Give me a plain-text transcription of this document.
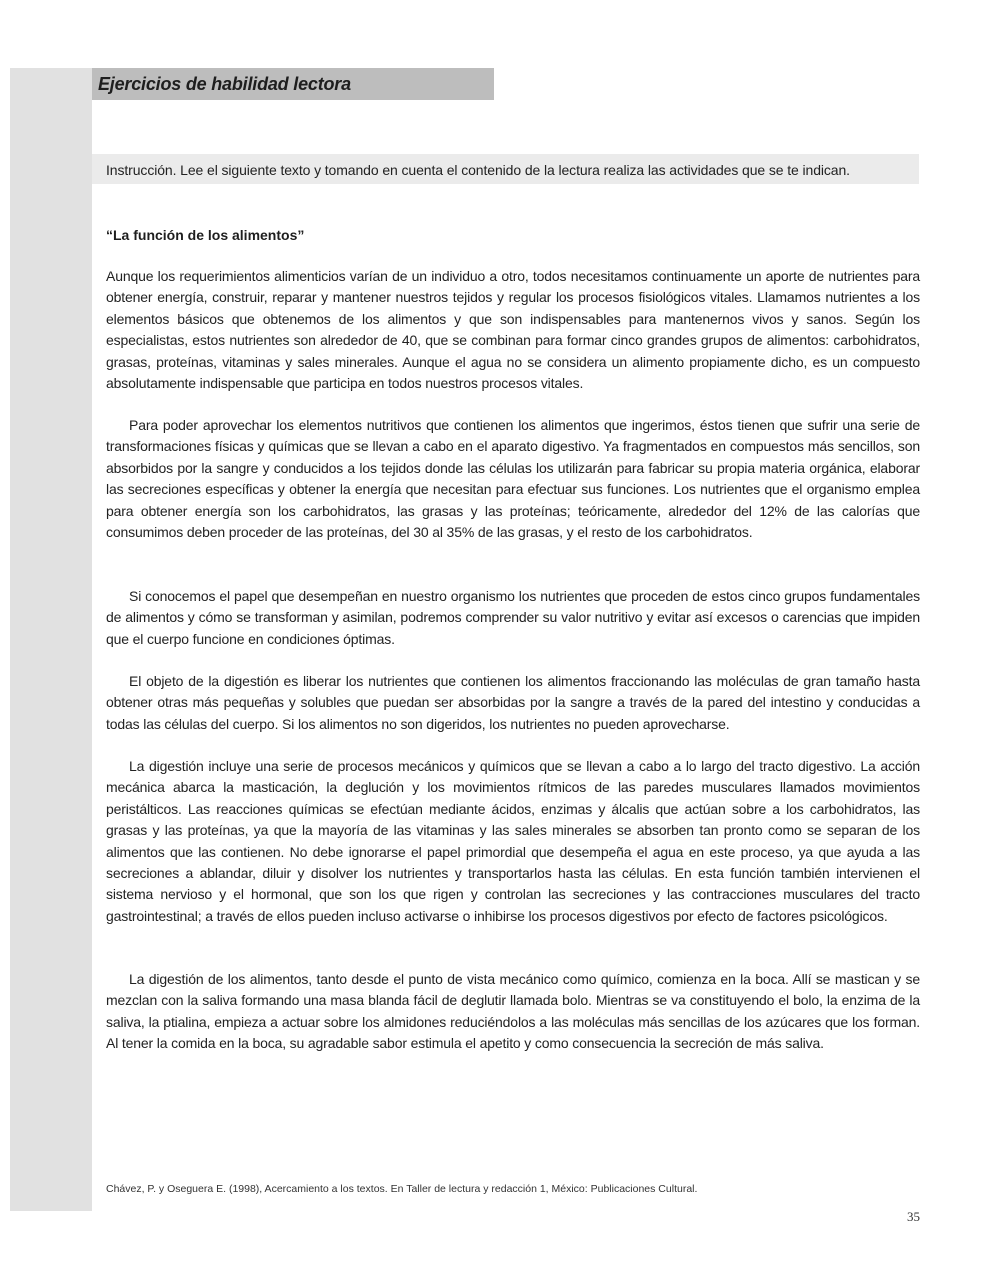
Ejercicios de habilidad lectora
Instrucción. Lee el siguiente texto y tomando en cuenta el contenido de la lectura realiza las actividades que se te indican.
“La función de los alimentos”

Aunque los requerimientos alimenticios varían de un individuo a otro, todos necesitamos continuamente un aporte de nutrientes para obtener energía, construir, reparar y mantener nuestros tejidos y regular los procesos fisiológicos vitales. Llamamos nutrientes a los elementos básicos que obtenemos de los alimentos y que son indispensables para mantenernos vivos y sanos. Según los especialistas, estos nutrientes son alrededor de 40, que se combinan para formar cinco grandes grupos de alimentos: carbohidratos, grasas, proteínas, vitaminas y sales minerales. Aunque el agua no se considera un alimento propiamente dicho, es un compuesto absolutamente indispensable que participa en todos nuestros procesos vitales.

Para poder aprovechar los elementos nutritivos que contienen los alimentos que ingerimos, éstos tienen que sufrir una serie de transformaciones físicas y químicas que se llevan a cabo en el aparato digestivo. Ya fragmentados en compuestos más sencillos, son absorbidos por la sangre y conducidos a los tejidos donde las células los utilizarán para fabricar su propia materia orgánica, elaborar las secreciones específicas y obtener la energía que necesitan para efectuar sus funciones. Los nutrientes que el organismo emplea para obtener energía son los carbohidratos, las grasas y las proteínas; teóricamente, alrededor del 12% de las calorías que consumimos deben proceder de las proteínas, del 30 al 35% de las grasas, y el resto de los carbohidratos.

Si conocemos el papel que desempeñan en nuestro organismo los nutrientes que proceden de estos cinco grupos fundamentales de alimentos y cómo se transforman y asimilan, podremos comprender su valor nutritivo y evitar así excesos o carencias que impiden que el cuerpo funcione en condiciones óptimas.

El objeto de la digestión es liberar los nutrientes que contienen los alimentos fraccionando las moléculas de gran tamaño hasta obtener otras más pequeñas y solubles que puedan ser absorbidas por la sangre a través de la pared del intestino y conducidas a todas las células del cuerpo. Si los alimentos no son digeridos, los nutrientes no pueden aprovecharse.

La digestión incluye una serie de procesos mecánicos y químicos que se llevan a cabo a lo largo del tracto digestivo. La acción mecánica abarca la masticación, la deglución y los movimientos rítmicos de las paredes musculares llamados movimientos peristálticos. Las reacciones químicas se efectúan mediante ácidos, enzimas y álcalis que actúan sobre a los carbohidratos, las grasas y las proteínas, ya que la mayoría de las vitaminas y las sales minerales se absorben tan pronto como se separan de los alimentos que las contienen. No debe ignorarse el papel primordial que desempeña el agua en este proceso, ya que ayuda a las secreciones a ablandar, diluir y disolver los nutrientes y transportarlos hasta las células. En esta función también intervienen el sistema nervioso y el hormonal, que son los que rigen y controlan las secreciones y las contracciones musculares del tracto gastrointestinal; a través de ellos pueden incluso activarse o inhibirse los procesos digestivos por efecto de factores psicológicos.

La digestión de los alimentos, tanto desde el punto de vista mecánico como químico, comienza en la boca. Allí se mastican y se mezclan con la saliva formando una masa blanda fácil de deglutir llamada bolo. Mientras se va constituyendo el bolo, la enzima de la saliva, la ptialina, empieza a actuar sobre los almidones reduciéndolos a las moléculas más sencillas de los azúcares que los forman. Al tener la comida en la boca, su agradable sabor estimula el apetito y como consecuencia la secreción de más saliva.

Chávez, P. y Oseguera E. (1998), Acercamiento a los textos. En Taller de lectura y redacción 1, México: Publicaciones Cultural.
35
